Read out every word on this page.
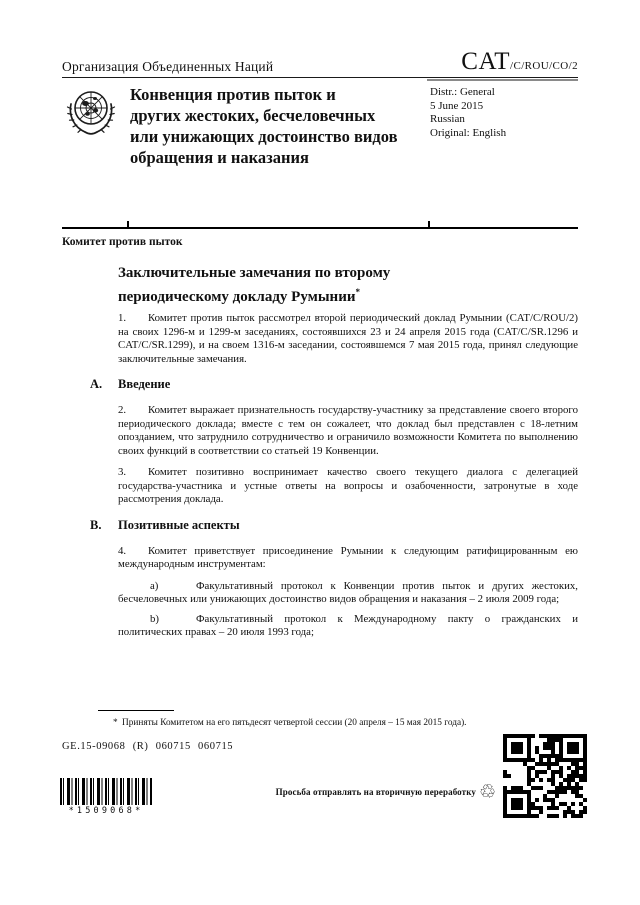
Организация Объединенных Наций	CAT/C/ROU/CO/2
Конвенция против пыток и
других жестоких, бесчеловечных
или унижающих достоинство видов
обращения и наказания
Distr.: General
5 June 2015
Russian
Original: English
Комитет против пыток
Заключительные замечания по второму
периодическому докладу Румынии*
1. Комитет против пыток рассмотрел второй периодический доклад Румынии (CAT/C/ROU/2) на своих 1296-м и 1299-м заседаниях, состоявшихся 23 и 24 апреля 2015 года (CAT/C/SR.1296 и CAT/C/SR.1299), и на своем 1316-м заседании, состоявшемся 7 мая 2015 года, принял следующие заключительные замечания.
A. Введение
2. Комитет выражает признательность государству-участнику за представление своего второго периодического доклада; вместе с тем он сожалеет, что доклад был представлен с 18-летним опозданием, что затруднило сотрудничество и ограничило возможности Комитета по выполнению своих функций в соответствии со статьей 19 Конвенции.
3. Комитет позитивно воспринимает качество своего текущего диалога с делегацией государства-участника и устные ответы на вопросы и озабоченности, затронутые в ходе рассмотрения доклада.
B. Позитивные аспекты
4. Комитет приветствует присоединение Румынии к следующим ратифицированным ею международным инструментам:
a)	Факультативный протокол к Конвенции против пыток и других жестоких, бесчеловечных или унижающих достоинство видов обращения и наказания – 2 июля 2009 года;
b)	Факультативный протокол к Международному пакту о гражданских и политических правах – 20 июля 1993 года;
* Приняты Комитетом на его пятьдесят четвертой сессии (20 апреля – 15 мая 2015 года).
GE.15-09068 (R) 060715 060715
*1509068*
Просьба отправлять на вторичную переработку ♲
